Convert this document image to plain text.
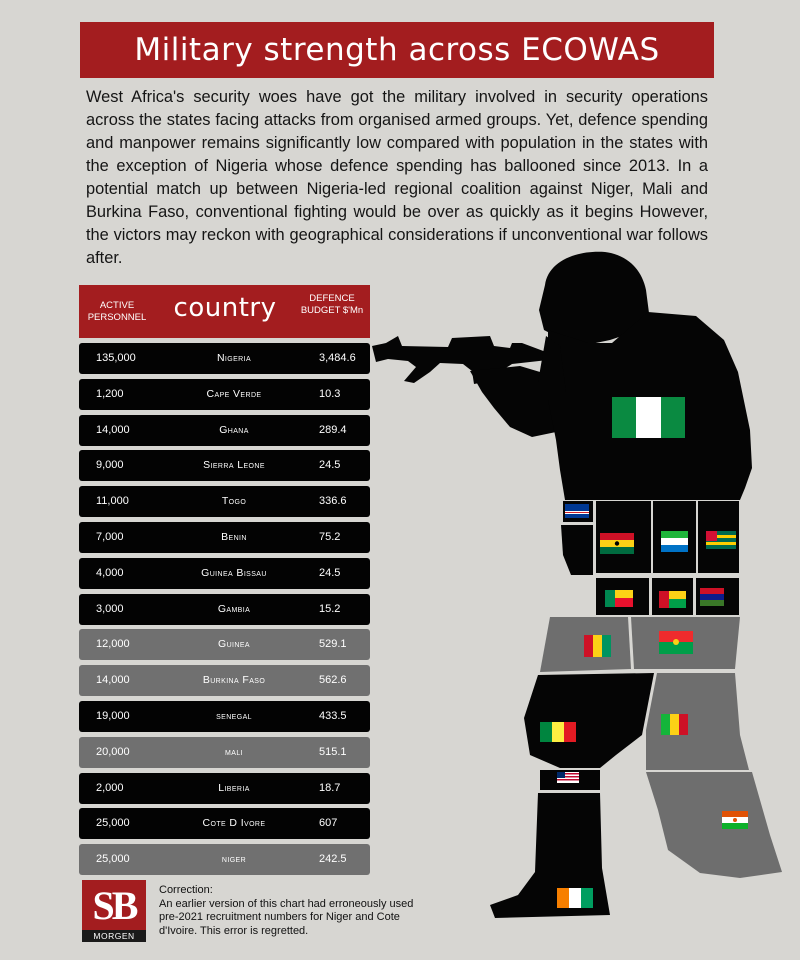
Military strength across ECOWAS
West Africa's security woes have got the military involved in security operations across the states facing attacks from organised armed groups. Yet, defence spending and manpower remains significantly low compared with population in the states with the exception of Nigeria whose defence spending has ballooned since 2013. In a potential match up between Nigeria-led regional coalition against Niger, Mali and Burkina Faso, conventional fighting would be over as quickly as it begins However, the victors may reckon with geographical considerations if unconventional war follows after.
ACTIVE PERSONNEL	country	DEFENCE BUDGET $'Mn
135,000	Nigeria	3,484.6
1,200	Cape Verde	10.3
14,000	Ghana	289.4
9,000	Sierra Leone	24.5
11,000	Togo	336.6
7,000	Benin	75.2
4,000	Guinea Bissau	24.5
3,000	Gambia	15.2
12,000	Guinea	529.1
14,000	Burkina Faso	562.6
19,000	senegal	433.5
20,000	mali	515.1
2,000	Liberia	18.7
25,000	Cote D Ivore	607
25,000	niger	242.5
SB
MORGEN
Correction:
An earlier version of this chart had erroneously used pre-2021 recruitment numbers for Niger and Cote d'Ivoire. This error is regretted.
